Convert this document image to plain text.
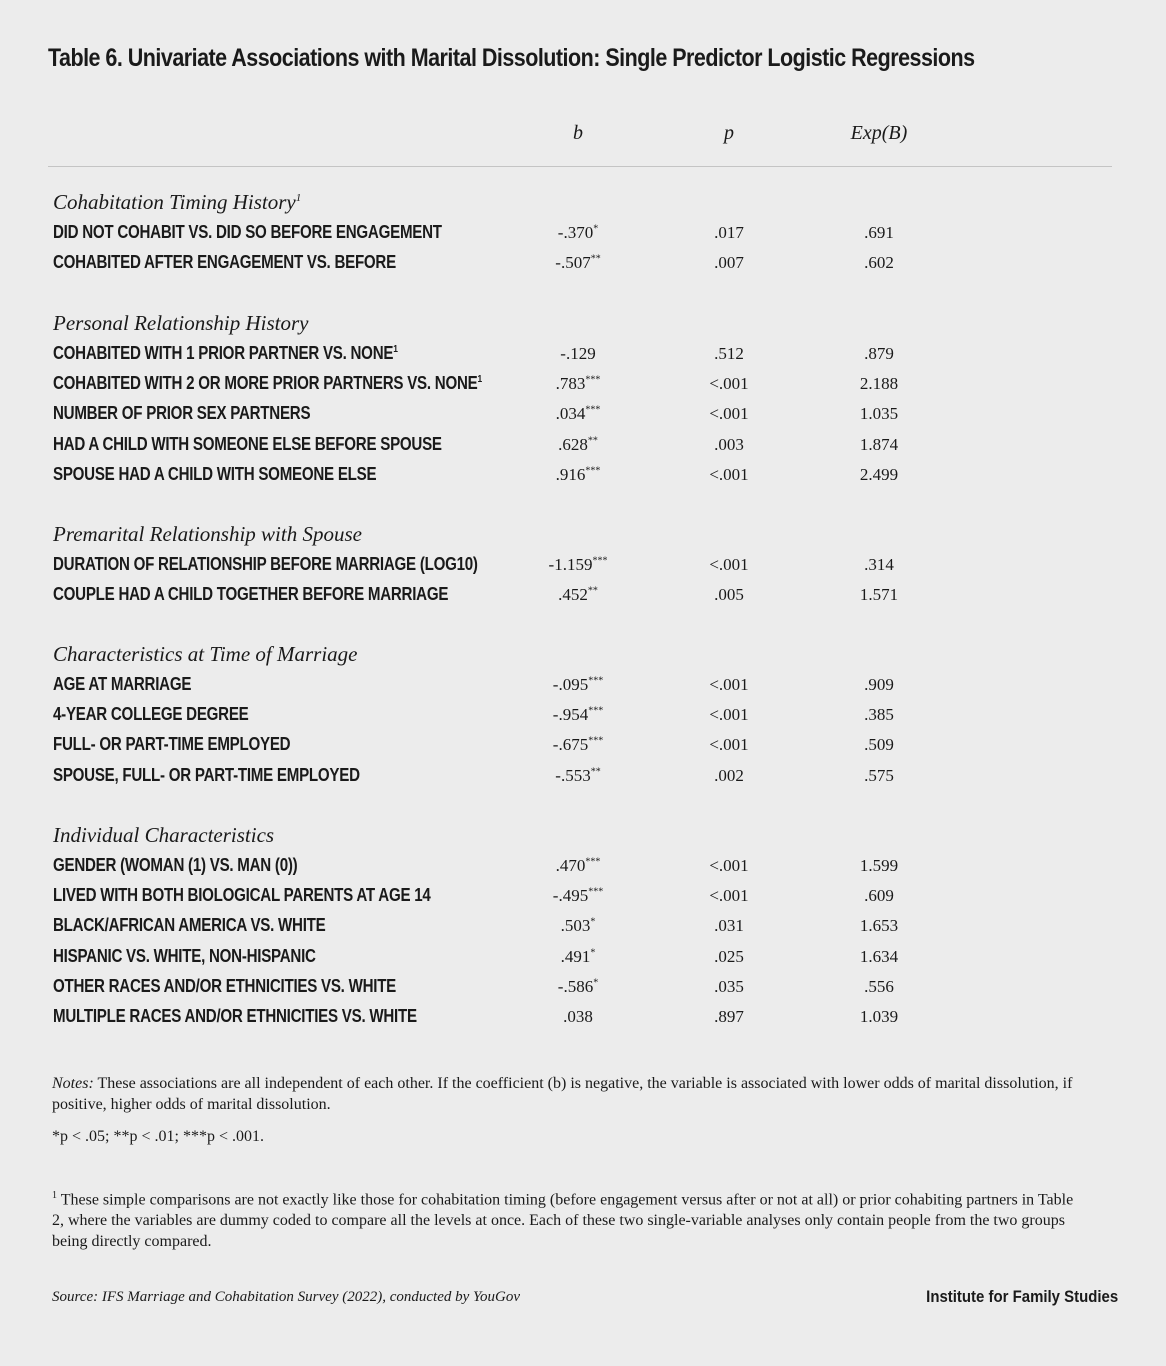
Table 6. Univariate Associations with Marital Dissolution: Single Predictor Logistic Regressions
b	p	Exp(B)
Cohabitation Timing History$^1$
DID NOT COHABIT VS. DID SO BEFORE ENGAGEMENT	-.370*	.017	.691
COHABITED AFTER ENGAGEMENT VS. BEFORE	-.507**	.007	.602
Personal Relationship History
COHABITED WITH 1 PRIOR PARTNER VS. NONE$^1$	-.129	.512	.879
COHABITED WITH 2 OR MORE PRIOR PARTNERS VS. NONE$^1$	.783***	<.001	2.188
NUMBER OF PRIOR SEX PARTNERS	.034***	<.001	1.035
HAD A CHILD WITH SOMEONE ELSE BEFORE SPOUSE	.628**	.003	1.874
SPOUSE HAD A CHILD WITH SOMEONE ELSE	.916***	<.001	2.499
Premarital Relationship with Spouse
DURATION OF RELATIONSHIP BEFORE MARRIAGE (LOG10)	-1.159***	<.001	.314
COUPLE HAD A CHILD TOGETHER BEFORE MARRIAGE	.452**	.005	1.571
Characteristics at Time of Marriage
AGE AT MARRIAGE	-.095***	<.001	.909
4-YEAR COLLEGE DEGREE	-.954***	<.001	.385
FULL- OR PART-TIME EMPLOYED	-.675***	<.001	.509
SPOUSE, FULL- OR PART-TIME EMPLOYED	-.553**	.002	.575
Individual Characteristics
GENDER (WOMAN (1) VS. MAN (0))	.470***	<.001	1.599
LIVED WITH BOTH BIOLOGICAL PARENTS AT AGE 14	-.495***	<.001	.609
BLACK/AFRICAN AMERICA VS. WHITE	.503*	.031	1.653
HISPANIC VS. WHITE, NON-HISPANIC	.491*	.025	1.634
OTHER RACES AND/OR ETHNICITIES VS. WHITE	-.586*	.035	.556
MULTIPLE RACES AND/OR ETHNICITIES VS. WHITE	.038	.897	1.039
Notes: These associations are all independent of each other. If the coefficient (b) is negative, the variable is associated with lower odds of marital dissolution, if positive, higher odds of marital dissolution.
*p < .05; **p < .01; ***p < .001.
$^1$ These simple comparisons are not exactly like those for cohabitation timing (before engagement versus after or not at all) or prior cohabiting partners in Table 2, where the variables are dummy coded to compare all the levels at once. Each of these two single-variable analyses only contain people from the two groups being directly compared.
Source: IFS Marriage and Cohabitation Survey (2022), conducted by YouGov	Institute for Family Studies
